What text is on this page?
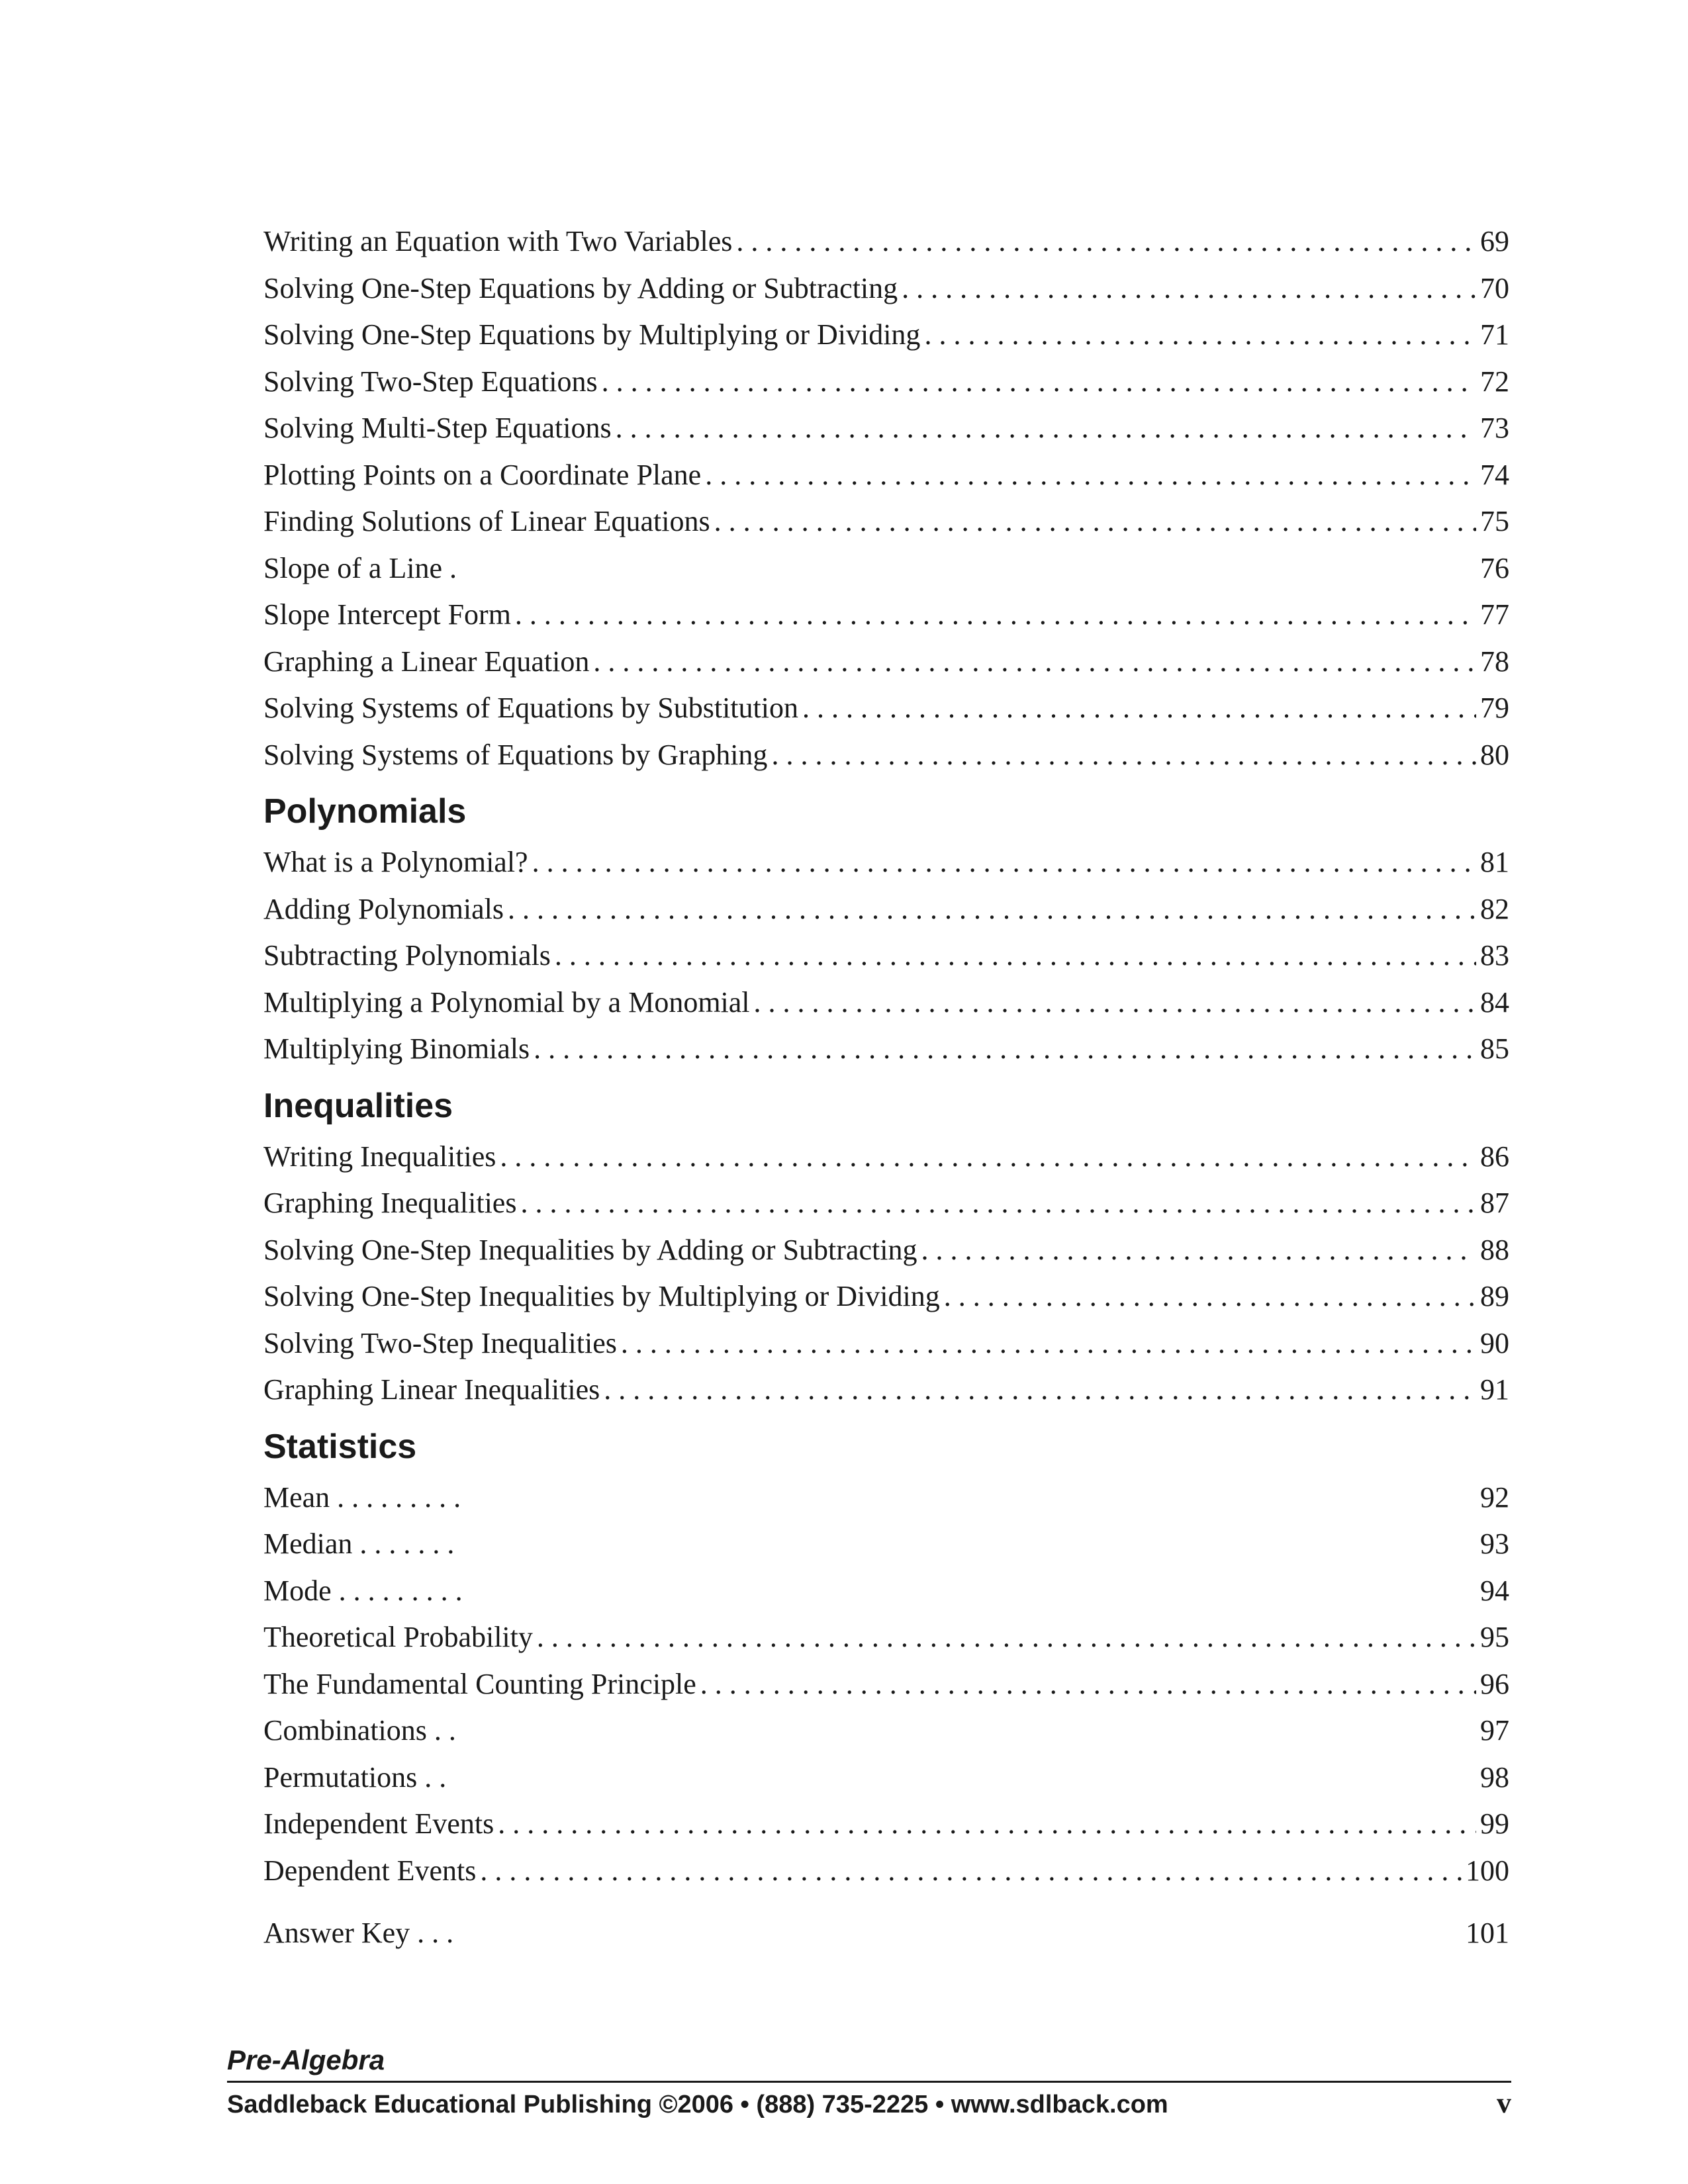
Writing an Equation with Two Variables . . .	69
Solving One-Step Equations by Adding or Subtracting . . .	70
Solving One-Step Equations by Multiplying or Dividing . . .	71
Solving Two-Step Equations . . .	72
Solving Multi-Step Equations . . .	73
Plotting Points on a Coordinate Plane . . .	74
Finding Solutions of Linear Equations . . .	75
Slope of a Line .	76
Slope Intercept Form . . .	77
Graphing a Linear Equation . . .	78
Solving Systems of Equations by Substitution . . .	79
Solving Systems of Equations by Graphing . . .	80
Polynomials
What is a Polynomial? . . .	81
Adding Polynomials . . .	82
Subtracting Polynomials . . .	83
Multiplying a Polynomial by a Monomial . . .	84
Multiplying Binomials . . .	85
Inequalities
Writing Inequalities . . .	86
Graphing Inequalities . . .	87
Solving One-Step Inequalities by Adding or Subtracting . . .	88
Solving One-Step Inequalities by Multiplying or Dividing . . .	89
Solving Two-Step Inequalities . . .	90
Graphing Linear Inequalities . . .	91
Statistics
Mean . . . . . . . . .	92
Median . . . . . . .	93
Mode . . . . . . . . .	94
Theoretical Probability . . .	95
The Fundamental Counting Principle . . .	96
Combinations . .	97
Permutations . .	98
Independent Events . . .	99
Dependent Events . . .	100
Answer Key . . .	101
Pre-Algebra
Saddleback Educational Publishing ©2006 • (888) 735-2225 • www.sdlback.com	v
